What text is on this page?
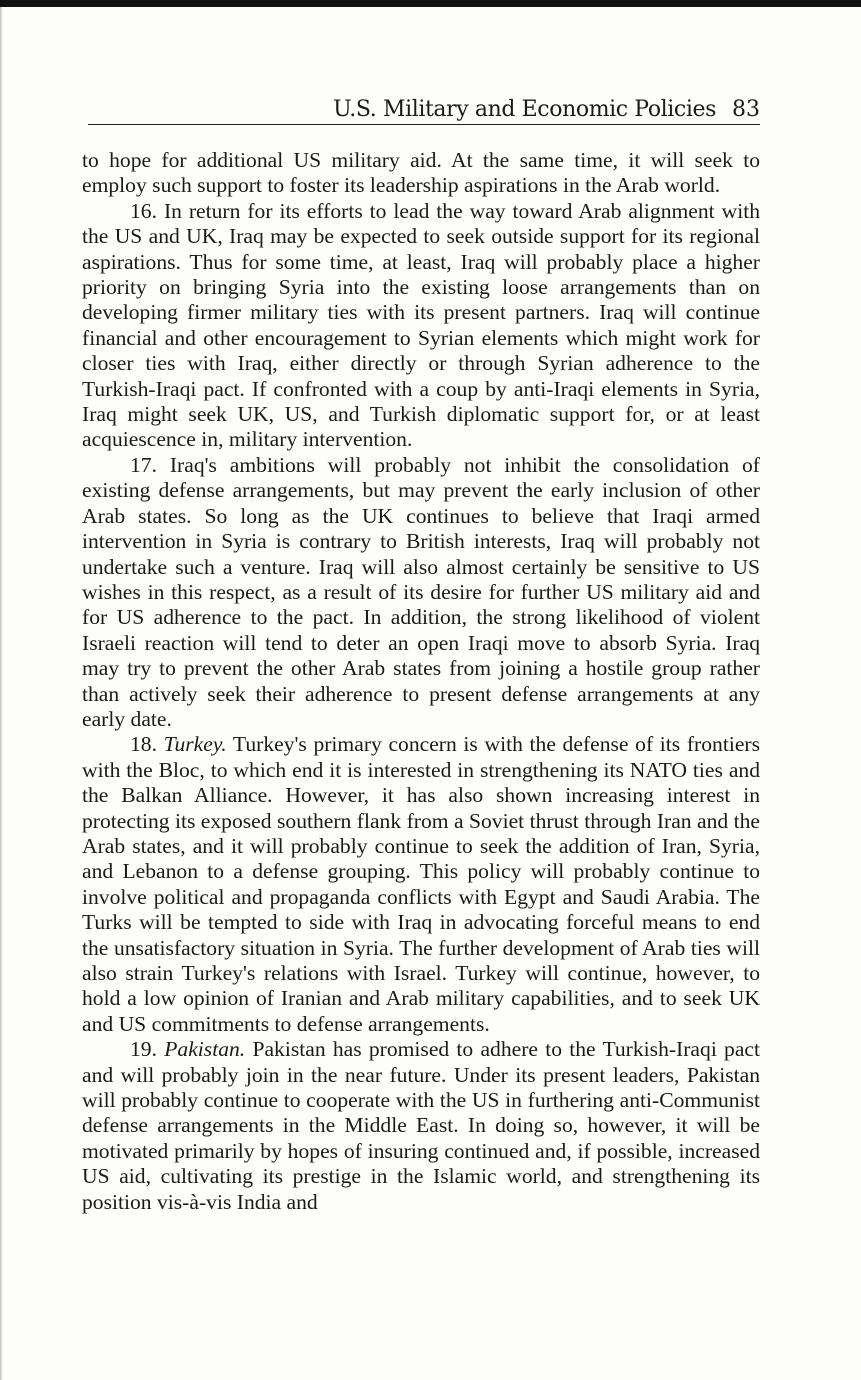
U.S. Military and Economic Policies 83

to hope for additional US military aid. At the same time, it will seek to employ such support to foster its leadership aspirations in the Arab world.

16. In return for its efforts to lead the way toward Arab alignment with the US and UK, Iraq may be expected to seek outside support for its regional aspirations. Thus for some time, at least, Iraq will probably place a higher priority on bringing Syria into the existing loose arrangements than on developing firmer military ties with its present partners. Iraq will continue financial and other encouragement to Syrian elements which might work for closer ties with Iraq, either directly or through Syrian adherence to the Turkish-Iraqi pact. If confronted with a coup by anti-Iraqi elements in Syria, Iraq might seek UK, US, and Turkish diplomatic support for, or at least acquiescence in, military intervention.

17. Iraq's ambitions will probably not inhibit the consolidation of existing defense arrangements, but may prevent the early inclusion of other Arab states. So long as the UK continues to believe that Iraqi armed intervention in Syria is contrary to British interests, Iraq will probably not undertake such a venture. Iraq will also almost certainly be sensitive to US wishes in this respect, as a result of its desire for further US military aid and for US adherence to the pact. In addition, the strong likelihood of violent Israeli reaction will tend to deter an open Iraqi move to absorb Syria. Iraq may try to prevent the other Arab states from joining a hostile group rather than actively seek their adherence to present defense arrangements at any early date.

18. Turkey. Turkey's primary concern is with the defense of its frontiers with the Bloc, to which end it is interested in strengthening its NATO ties and the Balkan Alliance. However, it has also shown increasing interest in protecting its exposed southern flank from a Soviet thrust through Iran and the Arab states, and it will probably continue to seek the addition of Iran, Syria, and Lebanon to a defense grouping. This policy will probably continue to involve political and propaganda conflicts with Egypt and Saudi Arabia. The Turks will be tempted to side with Iraq in advocating forceful means to end the unsatisfactory situation in Syria. The further development of Arab ties will also strain Turkey's relations with Israel. Turkey will continue, however, to hold a low opinion of Iranian and Arab military capabilities, and to seek UK and US commitments to defense arrangements.

19. Pakistan. Pakistan has promised to adhere to the Turkish-Iraqi pact and will probably join in the near future. Under its present leaders, Pakistan will probably continue to cooperate with the US in furthering anti-Communist defense arrangements in the Middle East. In doing so, however, it will be motivated primarily by hopes of insuring continued and, if possible, increased US aid, cultivating its prestige in the Islamic world, and strengthening its position vis-à-vis India and
